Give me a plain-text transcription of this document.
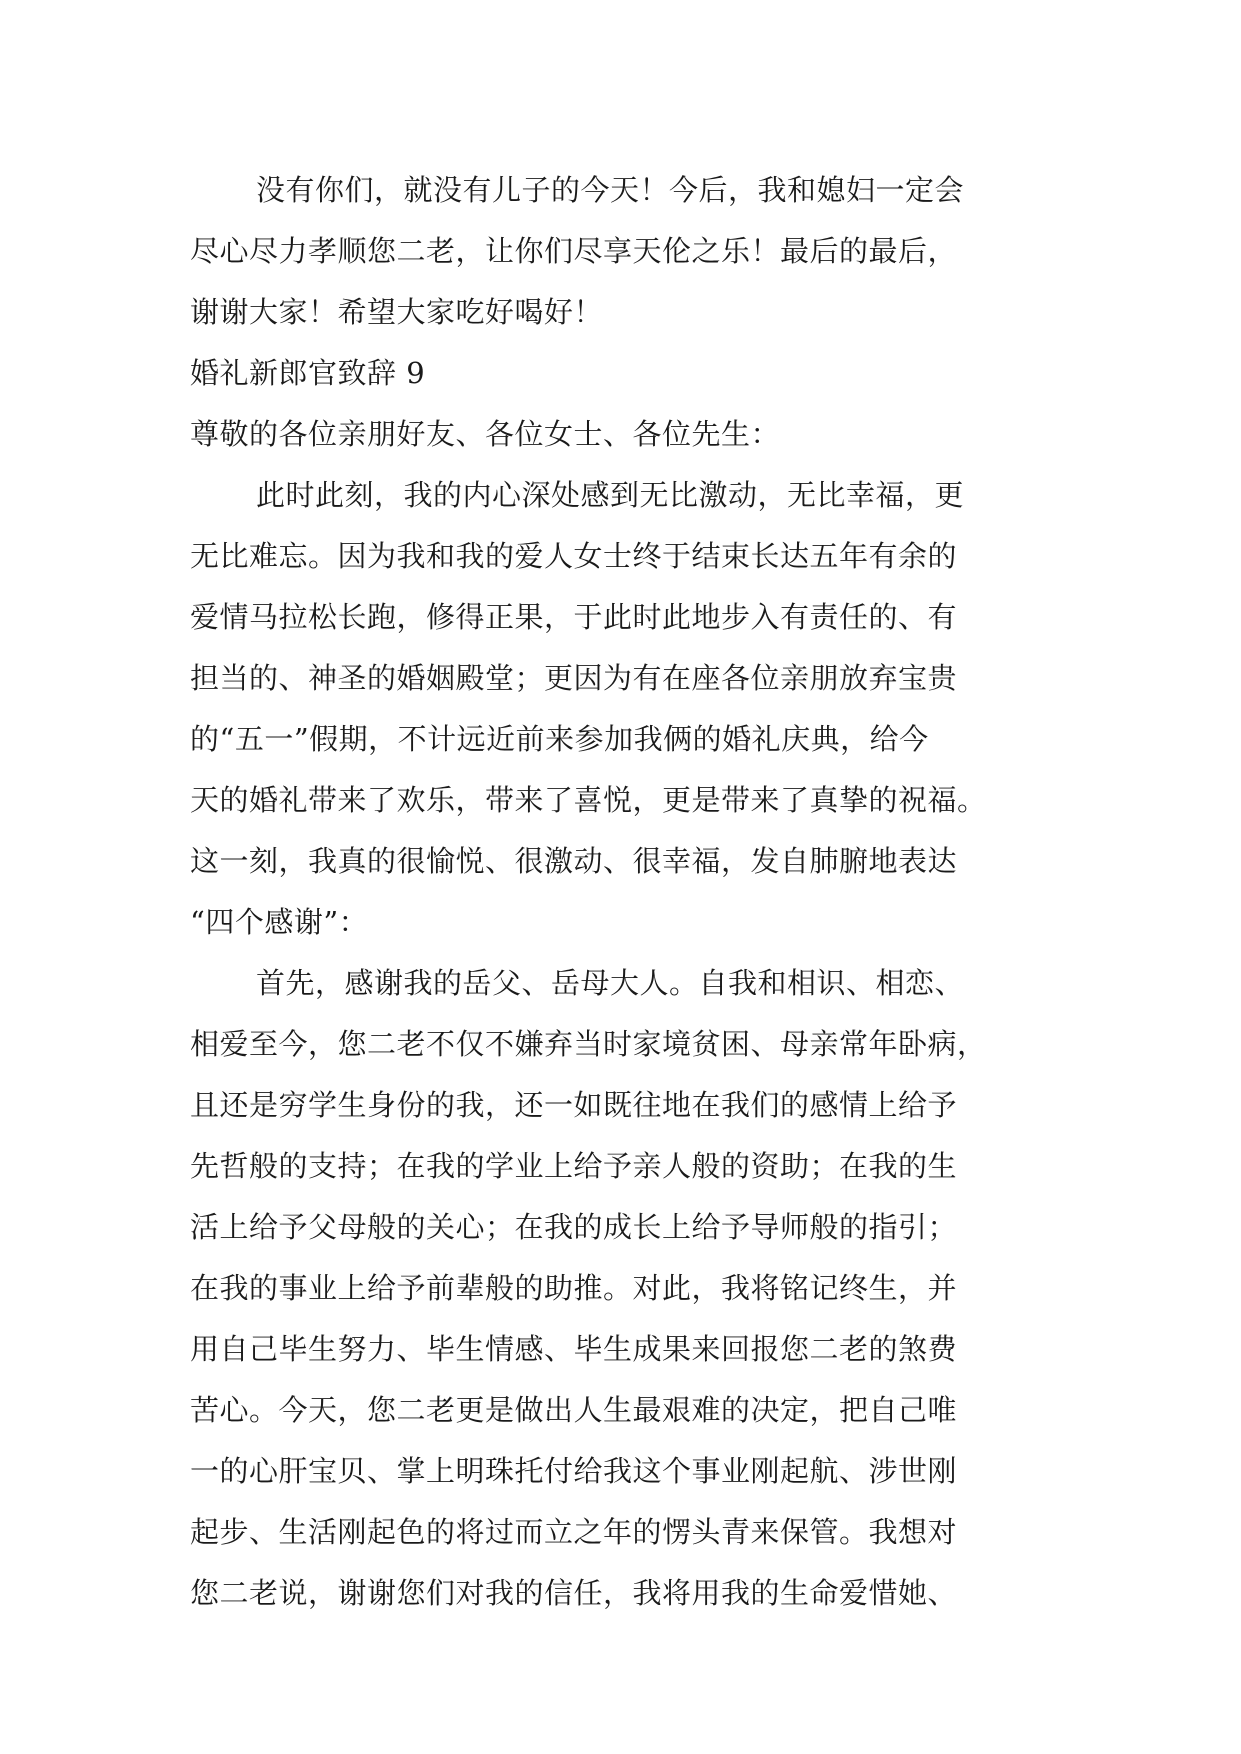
没有你们，就没有儿子的今天！今后，我和媳妇一定会
尽心尽力孝顺您二老，让你们尽享天伦之乐！最后的最后，
谢谢大家！希望大家吃好喝好！
婚礼新郎官致辞 9
尊敬的各位亲朋好友、各位女士、各位先生：
此时此刻，我的内心深处感到无比激动，无比幸福，更
无比难忘。因为我和我的爱人女士终于结束长达五年有余的
爱情马拉松长跑，修得正果，于此时此地步入有责任的、有
担当的、神圣的婚姻殿堂；更因为有在座各位亲朋放弃宝贵
的“五一”假期，不计远近前来参加我俩的婚礼庆典，给今
天的婚礼带来了欢乐，带来了喜悦，更是带来了真挚的祝福。
这一刻，我真的很愉悦、很激动、很幸福，发自肺腑地表达
“四个感谢”：
首先，感谢我的岳父、岳母大人。自我和相识、相恋、
相爱至今，您二老不仅不嫌弃当时家境贫困、母亲常年卧病，
且还是穷学生身份的我，还一如既往地在我们的感情上给予
先哲般的支持；在我的学业上给予亲人般的资助；在我的生
活上给予父母般的关心；在我的成长上给予导师般的指引；
在我的事业上给予前辈般的助推。对此，我将铭记终生，并
用自己毕生努力、毕生情感、毕生成果来回报您二老的煞费
苦心。今天，您二老更是做出人生最艰难的决定，把自己唯
一的心肝宝贝、掌上明珠托付给我这个事业刚起航、涉世刚
起步、生活刚起色的将过而立之年的愣头青来保管。我想对
您二老说，谢谢您们对我的信任，我将用我的生命爱惜她、
